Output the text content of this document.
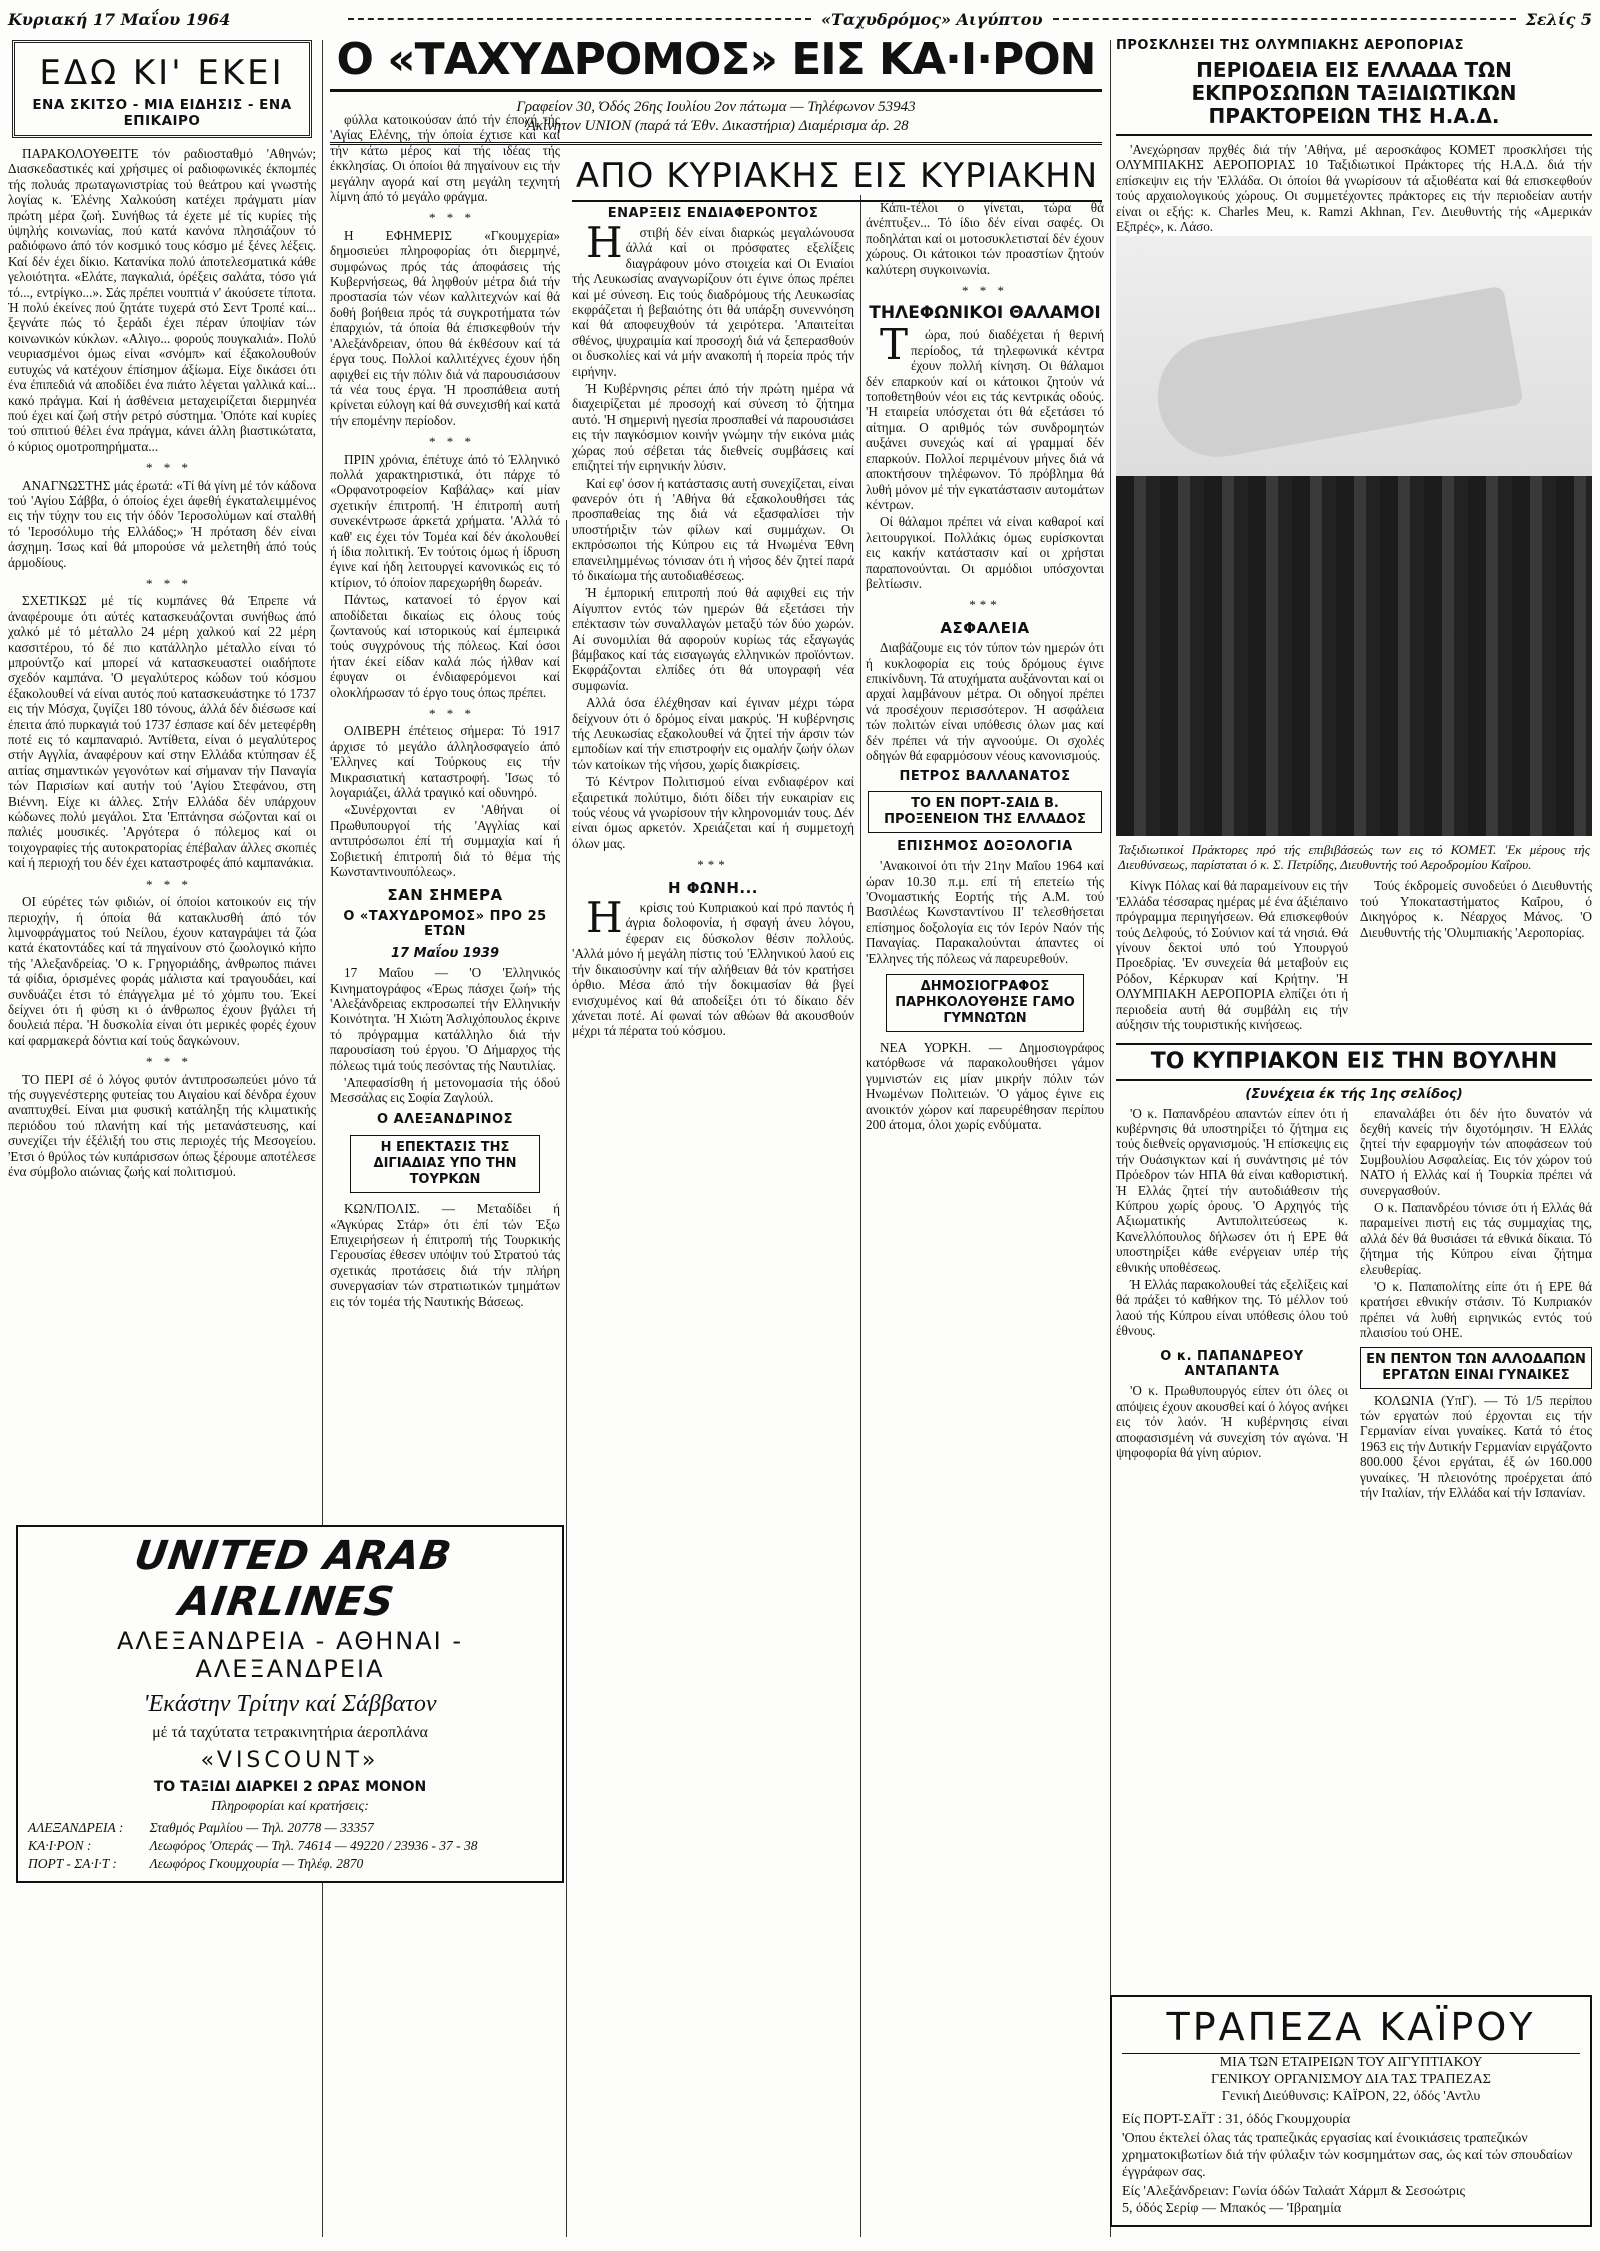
Κυριακή 17 Μαΐου 1964	«Ταχυδρόμος» Αιγύπτου	Σελίς 5
ΕΔΩ ΚΙ' ΕΚΕΙ
ΕΝΑ ΣΚΙΤΣΟ - ΜΙΑ ΕΙΔΗΣΙΣ - ΕΝΑ ΕΠΙΚΑΙΡΟ

ΠΑΡΑΚΟΛΟΥΘΕΙΤΕ τόν ραδιοσταθμό 'Αθηνών; Διασκεδαστικές καί χρήσιμες οί ραδιοφωνικές έκπομπές τής πολυάς πρωταγωνιστρίας τού θεάτρου καί γνωστής λογίας κ. Έλένης Χαλκούση κατέχει πράγματι μίαν πρώτη μέρα ζωή. Συνήθως τά έχετε μέ τίς κυρίες τής ύψηλής κοινωνίας, πού κατά κανόνα πλησιάζουν τό ραδιόφωνο άπό τόν κοσμικό τους κόσμο μέ ξένες λέξεις. Καί δέν έχει δίκιο. Κατανίκα πολύ άποτελεσματικά κάθε γελοιότητα. «Ελάτε, παγκαλιά, όρέξεις σαλάτα, τόσο γιά τό..., εντρίγκο...». Σάς πρέπει νουπτιά ν' άκούσετε τίποτα. Ή πολύ έκείνες πού ζητάτε τυχερά στό Σεντ Τροπέ καί... ξεγνάτε πώς τό ξεράδι έχει πέραν ύποψίαν τών κοινωνικών κύκλων. «Αλιγο... φορούς πουγκαλιά». Πολύ νευριασμένοι όμως είναι «σνόμπ» καί έξακολουθούν ευτυχώς νά κατέχουν έπίσημον άξίωμα. Είχε δικάσει ότι ένα έπιπεδιά νά αποδίδει ένα πιάτο λέγεται γαλλικά καί... κακό πράγμα. Καί ή άσθένεια μεταχειρίζεται διερμηνέα πού έχει καί ζωή στήν ρετρό σύστημα. 'Οπότε καί κυρίες τού σπιτιού θέλει ένα πράγμα, κάνει άλλη βιαστικώτατα, ό κύριος ομοτροπηρήματα...

* * *

ΑΝΑΓΝΩΣΤΗΣ μάς έρωτά: «Τί θά γίνη μέ τόν κάδονα τού 'Αγίου Σάββα, ό όποίος έχει άφεθή έγκαταλειμμένος εις τήν τύχην του εις τήν όδόν 'Ιεροσολύμων καί σταλθή τό 'Ιεροσόλυμο τής Ελλάδος;» Ή πρόταση δέν είναι άσχημη. Ίσως καί θά μπορούσε νά μελετηθή άπό τούς άρμοδίους.

* * *

ΣΧΕΤΙΚΩΣ μέ τίς κυμπάνες θά Έπρεπε νά άναφέρουμε ότι αύτές κατασκευάζονται συνήθως άπό χαλκό μέ τό μέταλλο 24 μέρη χαλκού καί 22 μέρη κασσιτέρου, τό δέ πιο κατάλληλο μέταλλο είναι τό μπρούντζο καί μπορεί νά κατασκευαστεί οιαδήποτε σχεδόν καμπάνα. 'Ο μεγαλύτερος κώδων τού κόσμου έξακολουθεί νά είναι αυτός πού κατασκευάστηκε τό 1737 εις τήν Μόσχα, ζυγίζει 180 τόνους, άλλά δέν διέσωσε καί έπειτα άπό πυρκαγιά τού 1737 έσπασε καί δέν μετεφέρθη ποτέ εις τό καμπαναριό. Άντίθετα, είναι ό μεγαλύτερος στήν Αγγλία, άναφέρουν καί στην Ελλάδα κτύπησαν έξ αιτίας σημαντικών γεγονότων καί σήμαναν τήν Παναγία τών Παρισίων καί αυτήν τού 'Αγίου Στεφάνου, στη Βιέννη. Είχε κι άλλες. Στήν Ελλάδα δέν υπάρχουν κώδωνες πολύ μεγάλοι. Στα 'Επτάνησα σώζονται καί οι παλιές μουσικές. 'Αργότερα ό πόλεμος καί οι τοιχογραφίες τής αυτοκρατορίας έπέβαλαν άλλες σκοπιές καί ή περιοχή του δέν έχει καταστροφές άπό καμπανάκια.

* * *

ΟΙ εύρέτες τών φιδιών, οί όποίοι κατοικούν εις τήν περιοχήν, ή όποία θά κατακλυσθή άπό τόν λιμνοφράγματος τού Νείλου, έχουν καταγράψει τά ζώα κατά έκατοντάδες καί τά πηγαίνουν στό ζωολογικό κήπο τής 'Αλεξανδρείας. 'Ο κ. Γρηγοριάδης, άνθρωπος πιάνει τά φίδια, όρισμένες φοράς μάλιστα καί τραγουδάει, καί συνδυάζει έτσι τό έπάγγελμα μέ τό χόμπυ του. Έκεί δείχνει ότι ή φύση κι ό άνθρωπος έχουν βγάλει τή δουλειά πέρα. 'Η δυσκολία είναι ότι μερικές φορές έχουν καί φαρμακερά δόντια καί τούς δαγκώνουν.

* * *

ΤΟ ΠΕΡΙ σέ ό λόγος φυτόν άντιπροσωπεύει μόνο τά τής συγγενέστερης φυτείας του Αιγαίου καί δένδρα έχουν αναπτυχθεί. Είναι μια φυσική κατάληξη τής κλιματικής περιόδου τού πλανήτη καί τής μετανάστευσης, καί συνεχίζει τήν έξέλιξή του στις περιοχές τής Μεσογείου. 'Ετσι ό θρύλος τών κυπάρισσων όπως ξέρουμε αποτέλεσε ένα σύμβολο αιώνιας ζωής καί πολιτισμού.

Ο «ΤΑΧΥΔΡΟΜΟΣ» ΕΙΣ ΚΑ·Ι·ΡΟΝ
Γραφείον 30, Όδός 26ης Ιουλίου 2ον πάτωμα — Τηλέφωνον 53943
'Ακίνητον UNION (παρά τά Έθν. Δικαστήρια) Διαμέρισμα άρ. 28

φύλλα κατοικούσαν άπό τήν έποχή τής 'Αγίας Ελένης, τήν όποία έχτισε καί καί τήν κάτω μέρος καί τής ιδέας τής έκκλησίας. Οι όποίοι θά πηγαίνουν εις τήν μεγάλην αγορά καί στη μεγάλη τεχνητή λίμνη άπό τό μεγάλο φράγμα.

* * *

Η ΕΦΗΜΕΡΙΣ «Γκουμχερία» δημοσιεύει πληροφορίας ότι διερμηνέ, συμφώνως πρός τάς άποφάσεις τής Κυβερνήσεως, θά ληφθούν μέτρα διά τήν προστασία τών νέων καλλιτεχνών καί θά δοθή βοήθεια πρός τά συγκροτήματα τών έπαρχιών, τά όποία θά έπισκεφθούν τήν 'Αλεξάνδρειαν, όπου θά έκθέσουν καί τά έργα τους. Πολλοί καλλιτέχνες έχουν ήδη αφιχθεί εις τήν πόλιν διά νά παρουσιάσουν τά νέα τους έργα. 'Η προσπάθεια αυτή κρίνεται εύλογη καί θά συνεχισθή καί κατά τήν επομένην περίοδον.

* * *

ΠΡΙΝ χρόνια, έπέτυχε άπό τό Έλληνικό πολλά χαρακτηριστικά, ότι πάρχε τό «Ορφανοτροφείον Καβάλας» καί μίαν σχετικήν έπιτροπή. 'Η έπιτροπή αυτή συνεκέντρωσε άρκετά χρήματα. 'Αλλά τό καθ' εις έχει τόν Τομέα καί δέν άκολουθεί ή ίδια πολιτική. Έν τούτοις όμως ή ίδρυση έγινε καί ήδη λειτουργεί κανονικώς εις τό κτίριον, τό όποίον παρεχωρήθη δωρεάν.

Πάντως, κατανοεί τό έργον καί αποδίδεται δικαίως εις όλους τούς ζωντανούς καί ιστορικούς καί έμπειρικά τούς συγχρόνους τής πόλεως. Καί όσοι ήταν έκεί είδαν καλά πώς ήλθαν καί έφυγαν οι ένδιαφερόμενοι καί ολοκλήρωσαν τό έργο τους όπως πρέπει.

* * *

ΟΛΙΒΕΡΗ έπέτειος σήμερα: Τό 1917 άρχισε τό μεγάλο άλληλοσφαγείο άπό 'Ελληνες καί Τούρκους εις τήν Μικρασιατική καταστροφή. 'Ισως τό λογαριάζει, άλλά τραγικό καί οδυνηρό.

«Συνέρχονται εν 'Αθήναι οί Πρωθυπουργοί τής 'Αγγλίας καί αντιπρόσωποι έπί τή συμμαχία καί ή Σοβιετική έπιτροπή διά τό θέμα τής Κωνσταντινουπόλεως».

ΣΑΝ ΣΗΜΕΡΑ
Ο «ΤΑΧΥΔΡΟΜΟΣ» ΠΡΟ 25 ΕΤΩΝ
17 Μαΐου 1939

17 Μαΐου — 'Ο 'Ελληνικός Κινηματογράφος «Έρως πάσχει ζωή» τής 'Αλεξάνδρειας εκπροσωπεί τήν Ελληνικήν Κοινότητα. 'Η Χιώτη Άσλιχόπουλος έκρινε τό πρόγραμμα κατάλληλο διά τήν παρουσίαση τού έργου. 'Ο Δήμαρχος τής πόλεως τιμά τούς πεσόντας τής Ναυτιλίας.

'Απεφασίσθη ή μετονομασία τής όδού Μεσσάλας εις Σοφία Ζαγλούλ.

Ο ΑΛΕΞΑΝΔΡΙΝΟΣ
Η ΕΠΕΚΤΑΣΙΣ ΤΗΣ ΔΙΓΙΑΔΙΑΣ ΥΠΟ ΤΗΝ ΤΟΥΡΚΩΝ

ΚΩΝ/ΠΟΛΙΣ. — Μεταδίδει ή «Άγκύρας Στάρ» ότι έπί τών Έξω Επιχειρήσεων ή έπιτροπή τής Τουρκικής Γερουσίας έθεσεν υπόψιν τού Στρατού τάς σχετικάς προτάσεις διά τήν πλήρη συνεργασίαν τών στρατιωτικών τμημάτων εις τόν τομέα τής Ναυτικής Βάσεως.

ΑΠΟ ΚΥΡΙΑΚΗΣ ΕΙΣ ΚΥΡΙΑΚΗΝ
ΕΝΑΡΞΕΙΣ ΕΝΔΙΑΦΕΡΟΝΤΟΣ

Ηστιβή δέν είναι διαρκώς μεγαλώνουσα άλλά καί οι πρόσφατες εξελίξεις διαγράφουν μόνο στοιχεία καί Οι Ενιαίοι τής Λευκωσίας αναγνωρίζουν ότι έγινε όπως πρέπει καί μέ σύνεση. Εις τούς διαδρόμους τής Λευκωσίας εκφράζεται ή βεβαιότης ότι θά υπάρξη συνεννόηση καί θά αποφευχθούν τά χειρότερα. 'Απαιτείται σθένος, ψυχραιμία καί προσοχή διά νά ξεπερασθούν οι δυσκολίες καί νά μήν ανακοπή ή πορεία πρός τήν ειρήνην.

Ή Κυβέρνησις ρέπει άπό τήν πρώτη ημέρα νά διαχειρίζεται μέ προσοχή καί σύνεση τό ζήτημα αυτό. 'Η σημερινή ηγεσία προσπαθεί νά παρουσιάσει εις τήν παγκόσμιον κοινήν γνώμην τήν εικόνα μιάς χώρας πού σέβεται τάς διεθνείς συμβάσεις καί επιζητεί τήν ειρηνικήν λύσιν.

Καί εφ' όσον ή κατάστασις αυτή συνεχίζεται, είναι φανερόν ότι ή 'Αθήνα θά εξακολουθήσει τάς προσπαθείας της διά νά εξασφαλίσει τήν υποστήριξιν τών φίλων καί συμμάχων. Οι εκπρόσωποι τής Κύπρου εις τά Ηνωμένα Έθνη επανειλημμένως τόνισαν ότι ή νήσος δέν ζητεί παρά τό δικαίωμα τής αυτοδιαθέσεως.

Ή έμπορική επιτροπή πού θά αφιχθεί εις τήν Αίγυπτον εντός τών ημερών θά εξετάσει τήν επέκτασιν τών συναλλαγών μεταξύ τών δύο χωρών. Αί συνομιλίαι θά αφορούν κυρίως τάς εξαγωγάς βάμβακος καί τάς εισαγωγάς ελληνικών προϊόντων. Εκφράζονται ελπίδες ότι θά υπογραφή νέα συμφωνία.

Αλλά όσα έλέχθησαν καί έγιναν μέχρι τώρα δείχνουν ότι ό δρόμος είναι μακρύς. 'Η κυβέρνησις τής Λευκωσίας εξακολουθεί νά ζητεί τήν άρσιν τών εμποδίων καί τήν επιστροφήν εις ομαλήν ζωήν όλων τών κατοίκων τής νήσου, χωρίς διακρίσεις.

Τό Κέντρον Πολιτισμού είναι ενδιαφέρον καί εξαιρετικά πολύτιμο, διότι δίδει τήν ευκαιρίαν εις τούς νέους νά γνωρίσουν τήν κληρονομιάν τους. Δέν είναι όμως αρκετόν. Χρειάζεται καί ή συμμετοχή όλων μας.

***
Η ΦΩΝΗ...

Ηκρίσις τού Κυπριακού καί πρό παντός ή άγρια δολοφονία, ή σφαγή άνευ λόγου, έφεραν εις δύσκολον θέσιν πολλούς. 'Αλλά μόνο ή μεγάλη πίστις τού 'Ελληνικού λαού εις τήν δικαιοσύνην καί τήν αλήθειαν θά τόν κρατήσει όρθιο. Μέσα άπό τήν δοκιμασίαν θά βγεί ενισχυμένος καί θά αποδείξει ότι τό δίκαιο δέν χάνεται ποτέ. Αί φωναί τών αθώων θά ακουσθούν μέχρι τά πέρατα τού κόσμου.

Κάπι-τέλοι ο γίνεται, τώρα θά άνέπτυξεν... Τό ίδιο δέν είναι σαφές. Οι ποδηλάται καί οι μοτοσυκλετισταί δέν έχουν χώρους. Οι κάτοικοι τών προαστίων ζητούν καλύτερη συγκοινωνία.

* * *
ΤΗΛΕΦΩΝΙΚΟΙ ΘΑΛΑΜΟΙ

Τώρα, πού διαδέχεται ή θερινή περίοδος, τά τηλεφωνικά κέντρα έχουν πολλή κίνηση. Οι θάλαμοι δέν επαρκούν καί οι κάτοικοι ζητούν νά τοποθετηθούν νέοι εις τάς κεντρικάς οδούς. 'Η εταιρεία υπόσχεται ότι θά εξετάσει τό αίτημα. Ο αριθμός τών συνδρομητών αυξάνει συνεχώς καί αί γραμμαί δέν επαρκούν. Πολλοί περιμένουν μήνες διά νά αποκτήσουν τηλέφωνον. Τό πρόβλημα θά λυθή μόνον μέ τήν εγκατάστασιν αυτομάτων κέντρων.

Οί θάλαμοι πρέπει νά είναι καθαροί καί λειτουργικοί. Πολλάκις όμως ευρίσκονται εις κακήν κατάστασιν καί οι χρήσται παραπονούνται. Οι αρμόδιοι υπόσχονται βελτίωσιν.

***
ΑΣΦΑΛΕΙΑ

Διαβάζουμε εις τόν τύπον τών ημερών ότι ή κυκλοφορία εις τούς δρόμους έγινε επικίνδυνη. Τά ατυχήματα αυξάνονται καί οι αρχαί λαμβάνουν μέτρα. Οι οδηγοί πρέπει νά προσέχουν περισσότερον. Ή ασφάλεια τών πολιτών είναι υπόθεσις όλων μας καί δέν πρέπει νά τήν αγνοούμε. Οι σχολές οδηγών θά εφαρμόσουν νέους κανονισμούς.

ΠΕΤΡΟΣ ΒΑΛΛΑΝΑΤΟΣ
ΤΟ ΕΝ ΠΟΡΤ-ΣΑΙΔ Β. ΠΡΟΞΕΝΕΙΟΝ ΤΗΣ ΕΛΛΑΔΟΣ
ΕΠΙΣΗΜΟΣ ΔΟΞΟΛΟΓΙΑ

'Ανακοινοί ότι τήν 21ην Μαΐου 1964 καί ώραν 10.30 π.μ. επί τή επετείω τής 'Ονομαστικής Εορτής τής Α.Μ. τού Βασιλέως Κωνσταντίνου ΙΙ' τελεσθήσεται επίσημος δοξολογία εις τόν Ιερόν Ναόν τής Παναγίας. Παρακαλούνται άπαντες οί 'Ελληνες τής πόλεως νά παρευρεθούν.

ΔΗΜΟΣΙΟΓΡΑΦΟΣ ΠΑΡΗΚΟΛΟΥΘΗΣΕ ΓΑΜΟ ΓΥΜΝΩΤΩΝ

ΝΕΑ ΥΟΡΚΗ. — Δημοσιογράφος κατόρθωσε νά παρακολουθήσει γάμον γυμνιστών εις μίαν μικρήν πόλιν τών Ηνωμένων Πολιτειών. 'Ο γάμος έγινε εις ανοικτόν χώρον καί παρευρέθησαν περίπου 200 άτομα, όλοι χωρίς ενδύματα.

ΠΡΟΣΚΛΗΣΕΙ ΤΗΣ ΟΛΥΜΠΙΑΚΗΣ ΑΕΡΟΠΟΡΙΑΣ
ΠΕΡΙΟΔΕΙΑ ΕΙΣ ΕΛΛΑΔΑ ΤΩΝ ΕΚΠΡΟΣΩΠΩΝ ΤΑΞΙΔΙΩΤΙΚΩΝ ΠΡΑΚΤΟΡΕΙΩΝ ΤΗΣ Η.Α.Δ.

'Ανεχώρησαν πρχθές διά τήν 'Αθήνα, μέ αεροσκάφος ΚΟΜΕΤ προσκλήσει τής ΟΛΥΜΠΙΑΚΗΣ ΑΕΡΟΠΟΡΙΑΣ 10 Ταξιδιωτικοί Πράκτορες τής Η.Α.Δ. διά τήν επίσκεψιν εις τήν 'Ελλάδα. Οι όποίοι θά γνωρίσουν τά αξιοθέατα καί θά επισκεφθούν τούς αρχαιολογικούς χώρους. Οι συμμετέχοντες πράκτορες εις τήν περιοδείαν αυτήν είναι οι εξής: κ. Charles Meu, κ. Ramzi Akhnan, Γεν. Διευθυντής τής «Αμερικάν Εξπρές», κ. Λάσο.

Ταξιδιωτικοί Πράκτορες πρό τής επιβιβάσεώς των εις τό ΚΟΜΕΤ. 'Εκ μέρους τής Διευθύνσεως, παρίσταται ό κ. Σ. Πετρίδης, Διευθυντής τού Αεροδρομίου Καΐρου.

Κίνγκ Πόλας καί θά παραμείνουν εις τήν 'Ελλάδα τέσσαρας ημέρας μέ ένα άξιέπαινο πρόγραμμα περιηγήσεων. Θά επισκεφθούν τούς Δελφούς, τό Σούνιον καί τά νησιά. Θά γίνουν δεκτοί υπό τού Υπουργού Προεδρίας. 'Εν συνεχεία θά μεταβούν εις Ρόδον, Κέρκυραν καί Κρήτην. 'Η ΟΛΥΜΠΙΑΚΗ ΑΕΡΟΠΟΡΙΑ ελπίζει ότι ή περιοδεία αυτή θά συμβάλη εις τήν αύξησιν τής τουριστικής κινήσεως.

Τούς έκδρομείς συνοδεύει ό Διευθυντής τού Υποκαταστήματος Καΐρου, ό Δικηγόρος κ. Νέαρχος Μάνος. 'Ο Διευθυντής τής 'Ολυμπιακής 'Αεροπορίας.

ΤΟ ΚΥΠΡΙΑΚΟΝ ΕΙΣ ΤΗΝ ΒΟΥΛΗΝ
(Συνέχεια έκ τής 1ης σελίδος)

'Ο κ. Παπανδρέου απαντών είπεν ότι ή κυβέρνησις θά υποστηρίξει τό ζήτημα εις τούς διεθνείς οργανισμούς. 'Η επίσκεψις εις τήν Ουάσιγκτων καί ή συνάντησις μέ τόν Πρόεδρον τών ΗΠΑ θά είναι καθοριστική. Ή Ελλάς ζητεί τήν αυτοδιάθεσιν τής Κύπρου χωρίς όρους. 'Ο Αρχηγός τής Αξιωματικής Αντιπολιτεύσεως κ. Κανελλόπουλος δήλωσεν ότι ή ΕΡΕ θά υποστηρίξει κάθε ενέργειαν υπέρ τής εθνικής υποθέσεως.

Ή Ελλάς παρακολουθεί τάς εξελίξεις καί θά πράξει τό καθήκον της. Τό μέλλον τού λαού τής Κύπρου είναι υπόθεσις όλου τού έθνους.

επαναλάβει ότι δέν ήτο δυνατόν νά δεχθή κανείς τήν διχοτόμησιν. Ή Ελλάς ζητεί τήν εφαρμογήν τών αποφάσεων τού Συμβουλίου Ασφαλείας. Εις τόν χώρον τού ΝΑΤΟ ή Ελλάς καί ή Τουρκία πρέπει νά συνεργασθούν.

Ο κ. Παπανδρέου τόνισε ότι ή Ελλάς θά παραμείνει πιστή εις τάς συμμαχίας της, αλλά δέν θά θυσιάσει τά εθνικά δίκαια. Τό ζήτημα τής Κύπρου είναι ζήτημα ελευθερίας.

'Ο κ. Παπαπολίτης είπε ότι ή ΕΡΕ θά κρατήσει εθνικήν στάσιν. Τό Κυπριακόν πρέπει νά λυθή ειρηνικώς εντός τού πλαισίου τού ΟΗΕ.

Ο κ. ΠΑΠΑΝΔΡΕΟΥ ΑΝΤΑΠΑΝΤΑ

'Ο κ. Πρωθυπουργός είπεν ότι όλες οι απόψεις έχουν ακουσθεί καί ό λόγος ανήκει εις τόν λαόν. Ή κυβέρνησις είναι αποφασισμένη νά συνεχίση τόν αγώνα. 'Η ψηφοφορία θά γίνη αύριον.

ΕΝ ΠΕΝΤΟΝ ΤΩΝ ΑΛΛΟΔΑΠΩΝ ΕΡΓΑΤΩΝ ΕΙΝΑΙ ΓΥΝΑΙΚΕΣ

ΚΟΛΩΝΙΑ (ΥπΓ). — Τό 1/5 περίπου τών εργατών πού έρχονται εις τήν Γερμανίαν είναι γυναίκες. Κατά τό έτος 1963 εις τήν Δυτικήν Γερμανίαν ειργάζοντο 800.000 ξένοι εργάται, έξ ών 160.000 γυναίκες. 'Η πλειονότης προέρχεται άπό τήν Ιταλίαν, τήν Ελλάδα καί τήν Ισπανίαν.

UNITED ARAB AIRLINES
ΑΛΕΞΑΝΔΡΕΙΑ - ΑΘΗΝΑΙ - ΑΛΕΞΑΝΔΡΕΙΑ
'Εκάστην Τρίτην καί Σάββατον
μέ τά ταχύτατα τετρακινητήρια άεροπλάνα
«VISCOUNT»
ΤΟ ΤΑΞΙΔΙ ΔΙΑΡΚΕΙ 2 ΩΡΑΣ ΜΟΝΟΝ
Πληροφορίαι καί κρατήσεις:
ΑΛΕΞΑΝΔΡΕΙΑ :	Σταθμός Ραμλίου — Τηλ. 20778 — 33357
ΚΑ·Ι·ΡΟΝ :	Λεωφόρος 'Οπεράς — Τηλ. 74614 — 49220 / 23936 - 37 - 38
ΠΟΡΤ - ΣΑ·Ι·Τ :	Λεωφόρος Γκουμχουρία — Τηλέφ. 2870
ΤΡΑΠΕΖΑ ΚΑΪΡΟΥ
ΜΙΑ ΤΩΝ ΕΤΑΙΡΕΙΩΝ ΤΟΥ ΑΙΓΥΠΤΙΑΚΟΥ
ΓΕΝΙΚΟΥ ΟΡΓΑΝΙΣΜΟΥ ΔΙΑ ΤΑΣ ΤΡΑΠΕΖΑΣ
Γενική Διεύθυνσις: ΚΑΪΡΟΝ, 22, όδός 'Αντλυ
Είς ΠΟΡΤ-ΣΑΪΤ : 31, όδός Γκουμχουρία
'Οπου έκτελεί όλας τάς τραπεζικάς εργασίας καί ένοικιάσεις τραπεζικών χρηματοκιβωτίων διά τήν φύλαξιν τών κοσμημάτων σας, ώς καί τών σπουδαίων έγγράφων σας.
Είς 'Αλεξάνδρειαν: Γωνία όδών Ταλαάτ Χάρμπ & Σεσοώτρις
5, όδός Σερίφ — Μπακός — 'Ιβραημία
